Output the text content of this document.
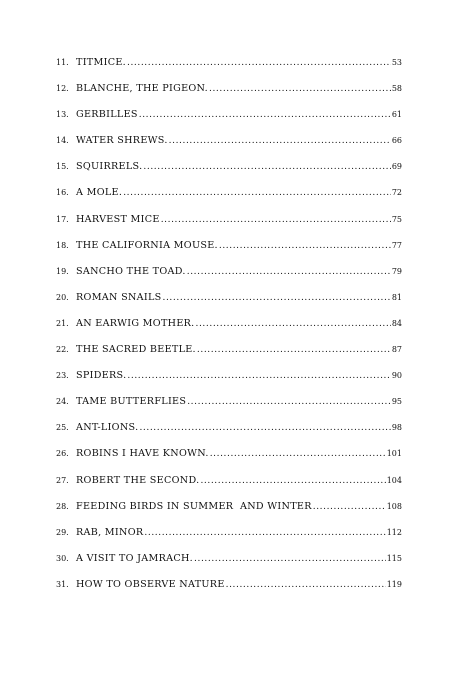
11. TITMICE. .....	53
12. BLANCHE, THE PIGEON. .....	58
13. GERBILLES .....	61
14. WATER SHREWS. .....	66
15. SQUIRRELS. .....	69
16. A MOLE. .....	72
17. HARVEST MICE .....	75
18. THE CALIFORNIA MOUSE. .....	77
19. SANCHO THE TOAD. .....	79
20. ROMAN SNAILS .....	81
21. AN EARWIG MOTHER. .....	84
22. THE SACRED BEETLE. .....	87
23. SPIDERS. .....	90
24. TAME BUTTERFLIES .....	95
25. ANT-LIONS. .....	98
26. ROBINS I HAVE KNOWN. .....	101
27. ROBERT THE SECOND. .....	104
28. FEEDING BIRDS IN SUMMER  AND WINTER .....	108
29. RAB, MINOR .....	112
30. A VISIT TO JAMRACH. .....	115
31. HOW TO OBSERVE NATURE .....	119
